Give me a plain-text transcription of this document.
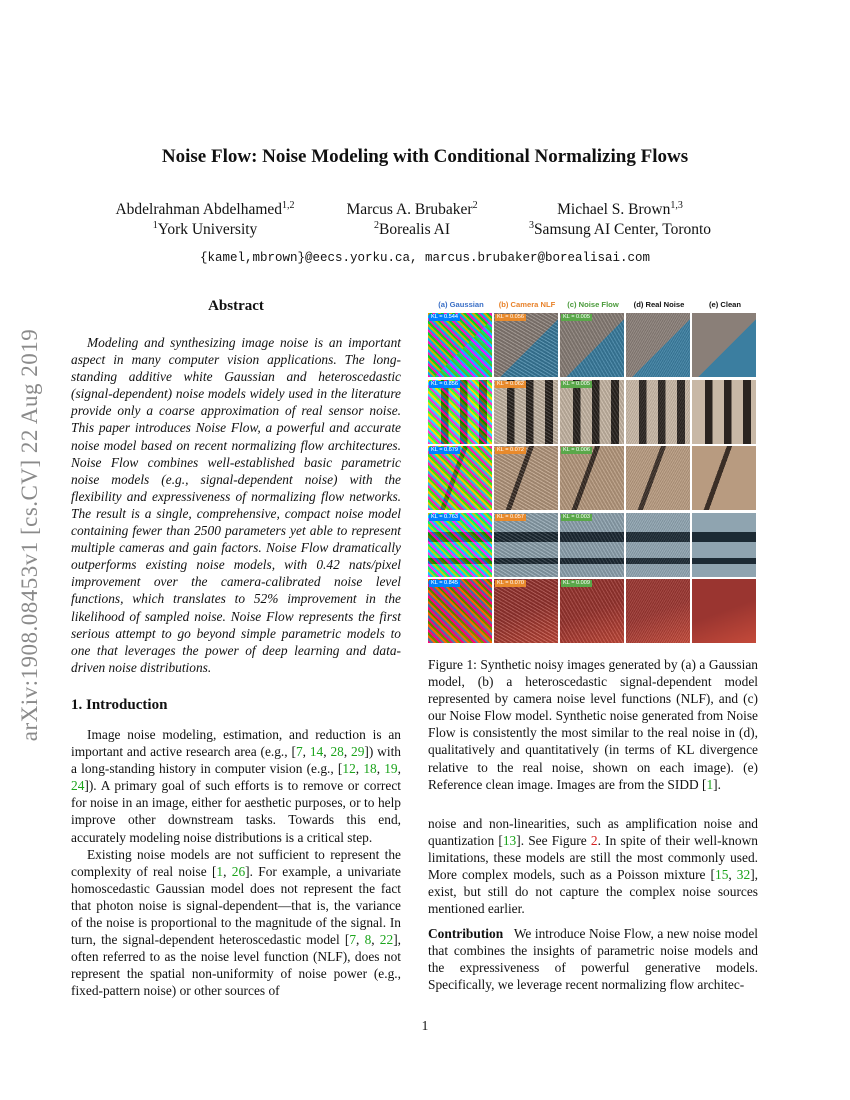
arXiv:1908.08453v1 [cs.CV] 22 Aug 2019
Noise Flow: Noise Modeling with Conditional Normalizing Flows
Abdelrahman Abdelhamed$^{1,2}$
$^1$York University
Marcus A. Brubaker$^2$
$^2$Borealis AI
Michael S. Brown$^{1,3}$
$^3$Samsung AI Center, Toronto
{kamel,mbrown}@eecs.yorku.ca, marcus.brubaker@borealisai.com
Abstract
Modeling and synthesizing image noise is an important aspect in many computer vision applications. The long-standing additive white Gaussian and heteroscedastic (signal-dependent) noise models widely used in the literature provide only a coarse approximation of real sensor noise. This paper introduces Noise Flow, a powerful and accurate noise model based on recent normalizing flow architectures. Noise Flow combines well-established basic parametric noise models (e.g., signal-dependent noise) with the flexibility and expressiveness of normalizing flow networks. The result is a single, comprehensive, compact noise model containing fewer than 2500 parameters yet able to represent multiple cameras and gain factors. Noise Flow dramatically outperforms existing noise models, with 0.42 nats/pixel improvement over the camera-calibrated noise level functions, which translates to 52% improvement in the likelihood of sampled noise. Noise Flow represents the first serious attempt to go beyond simple parametric models to one that leverages the power of deep learning and data-driven noise distributions.
1. Introduction

Image noise modeling, estimation, and reduction is an important and active research area (e.g., [7, 14, 28, 29]) with a long-standing history in computer vision (e.g., [12, 18, 19, 24]). A primary goal of such efforts is to remove or correct for noise in an image, either for aesthetic purposes, or to help improve other downstream tasks. Towards this end, accurately modeling noise distributions is a critical step.

Existing noise models are not sufficient to represent the complexity of real noise [1, 26]. For example, a univariate homoscedastic Gaussian model does not represent the fact that photon noise is signal-dependent—that is, the variance of the noise is proportional to the magnitude of the signal. In turn, the signal-dependent heteroscedastic model [7, 8, 22], often referred to as the noise level function (NLF), does not represent the spatial non-uniformity of noise power (e.g., fixed-pattern noise) or other sources of

(a) Gaussian	(b) Camera NLF	(c) Noise Flow	(d) Real Noise	(e) Clean
KL = 0.544	KL = 0.056	KL = 0.005
KL = 0.856	KL = 0.062	KL = 0.005
KL = 0.679	KL = 0.072	KL = 0.006
KL = 0.763	KL = 0.057	KL = 0.003
KL = 0.845	KL = 0.070	KL = 0.009
Figure 1: Synthetic noisy images generated by (a) a Gaussian model, (b) a heteroscedastic signal-dependent model represented by camera noise level functions (NLF), and (c) our Noise Flow model. Synthetic noise generated from Noise Flow is consistently the most similar to the real noise in (d), qualitatively and quantitatively (in terms of KL divergence relative to the real noise, shown on each image). (e) Reference clean image. Images are from the SIDD [1].

noise and non-linearities, such as amplification noise and quantization [13]. See Figure 2. In spite of their well-known limitations, these models are still the most commonly used. More complex models, such as a Poisson mixture [15, 32], exist, but still do not capture the complex noise sources mentioned earlier.

Contribution We introduce Noise Flow, a new noise model that combines the insights of parametric noise models and the expressiveness of powerful generative models. Specifically, we leverage recent normalizing flow architec-

1
